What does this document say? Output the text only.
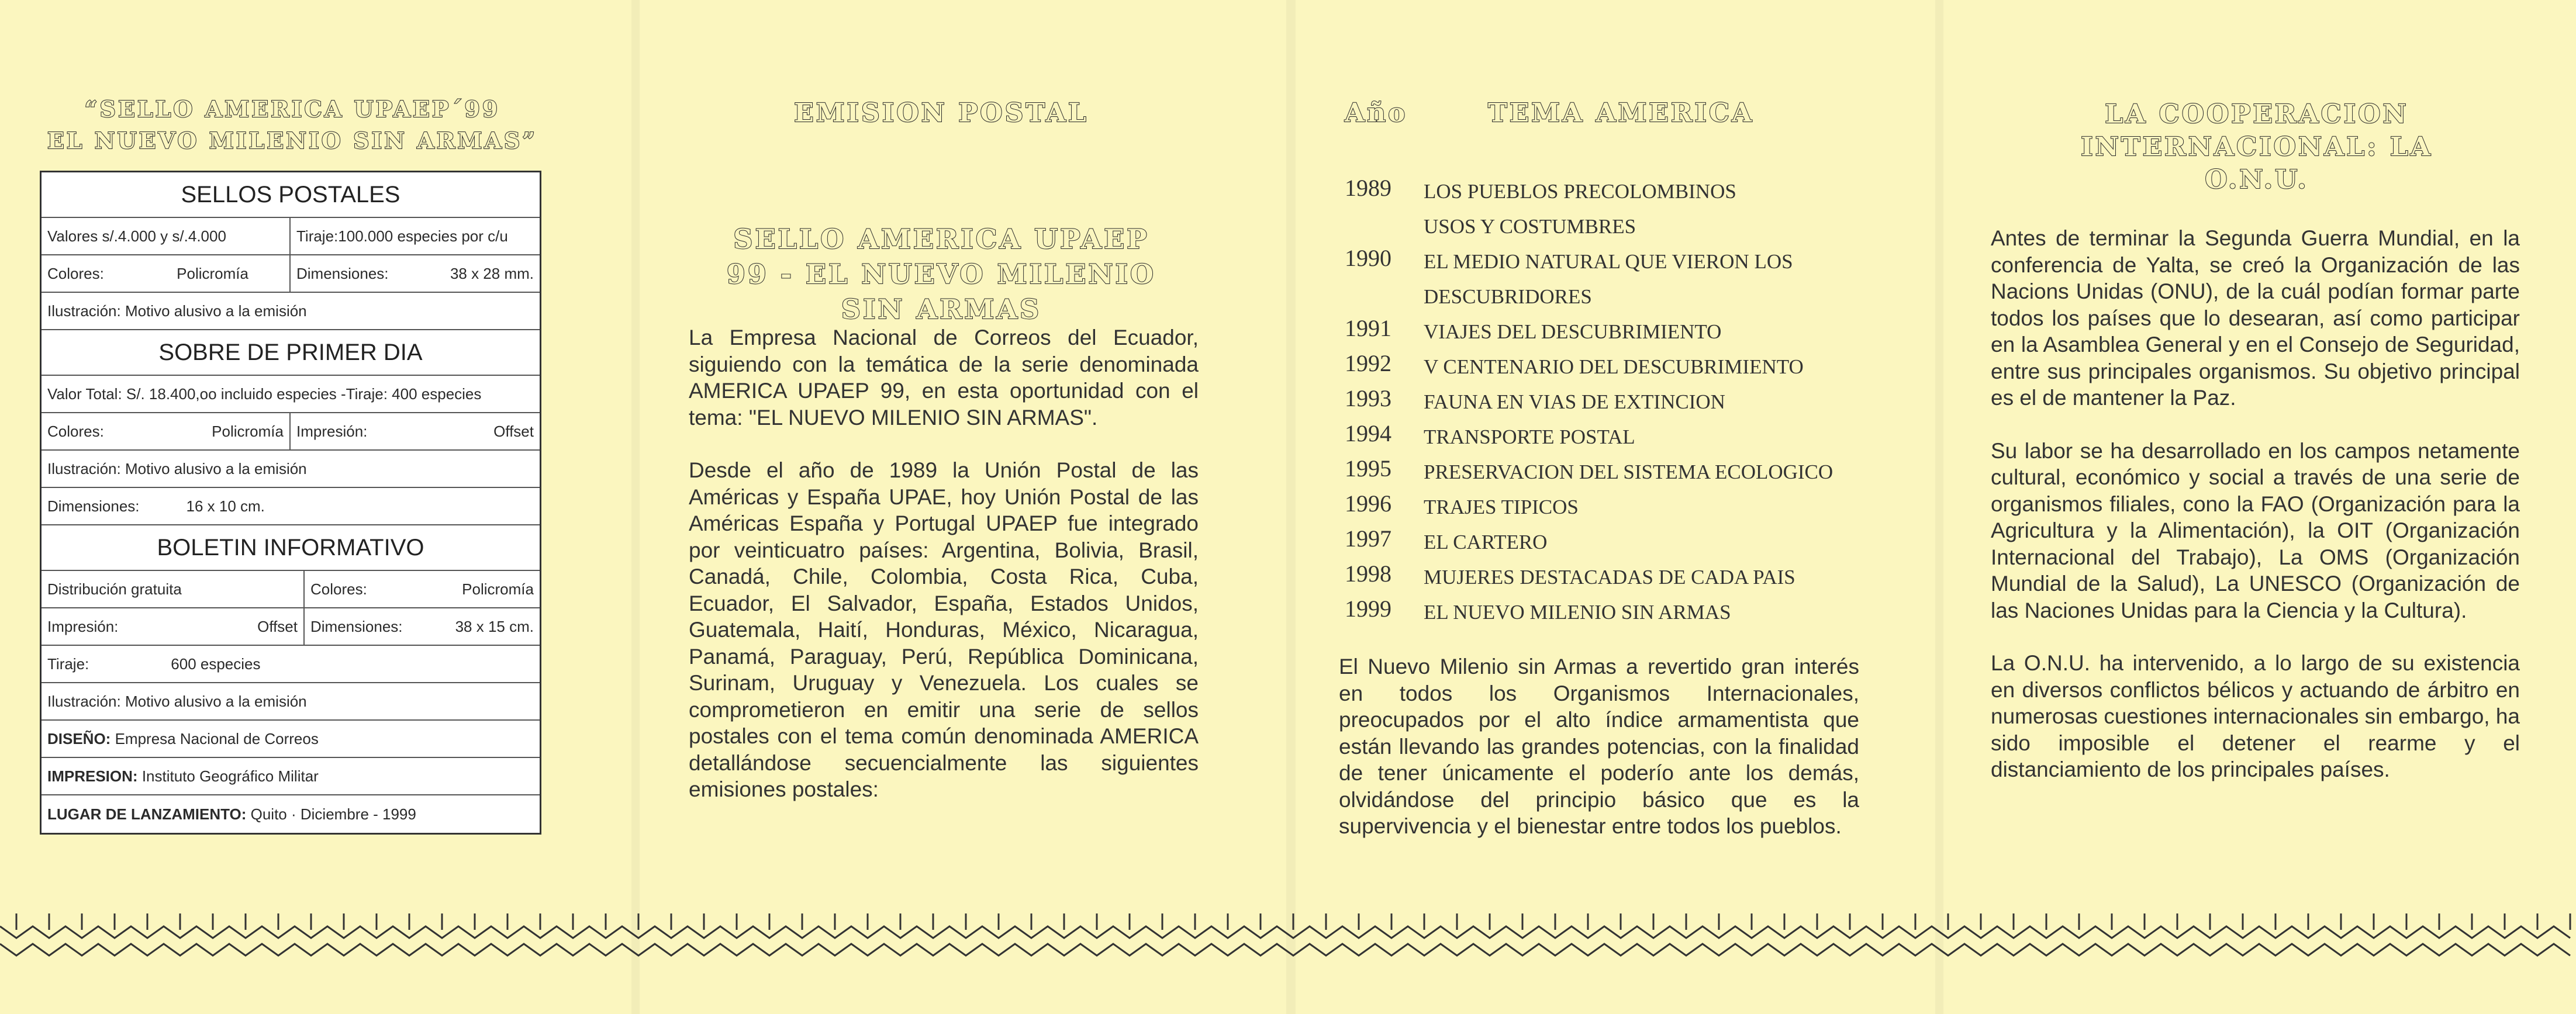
“SELLO AMERICA UPAEP´99
EL NUEVO MILENIO SIN ARMAS”

SELLOS POSTALES
Valores s/.4.000 y s/.4.000	Tiraje:100.000 especies por c/u
Colores:	Policromía	Dimensiones:	38 x 28 mm.
Ilustración: Motivo alusivo a la emisión
SOBRE DE PRIMER DIA
Valor Total: S/. 18.400,oo incluido especies -Tiraje: 400 especies
Colores:	Policromía Impresión:	Offset
Ilustración: Motivo alusivo a la emisión
Dimensiones:	16 x 10 cm.
BOLETIN INFORMATIVO
Distribución gratuita	Colores:	Policromía
Impresión:	Offset Dimensiones:	38 x 15 cm.
Tiraje:	600 especies
Ilustración: Motivo alusivo a la emisión
DISEÑO:
Empresa Nacional de Correos
IMPRESION:
Instituto Geográfico Militar
LUGAR DE LANZAMIENTO:
Quito · Diciembre - 1999

EMISION POSTAL

SELLO AMERICA UPAEP
99 - EL NUEVO MILENIO
SIN ARMAS

La Empresa Nacional de Correos del Ecuador, siguiendo con la temática de la serie denominada AMERICA UPAEP 99, en esta oportunidad con el tema: "EL NUEVO MILENIO SIN ARMAS".

Desde el año de 1989 la Unión Postal de las Américas y España UPAE, hoy Unión Postal de las Américas España y Portugal UPAEP fue integrado por veinticuatro países: Argentina, Bolivia, Brasil, Canadá, Chile, Colombia, Costa Rica, Cuba, Ecuador, El Salvador, España, Estados Unidos, Guatemala, Haití, Honduras, México, Nicaragua, Panamá, Paraguay, Perú, República Dominicana, Surinam, Uruguay y Venezuela. Los cuales se comprometieron en emitir una serie de sellos postales con el tema común denominada AMERICA detallándose secuencialmente las siguientes emisiones postales:

Año	TEMA AMERICA

1989	LOS PUEBLOS PRECOLOMBINOS
USOS Y COSTUMBRES
1990	EL MEDIO NATURAL QUE VIERON LOS
DESCUBRIDORES
1991	VIAJES DEL DESCUBRIMIENTO
1992	V CENTENARIO DEL DESCUBRIMIENTO
1993	FAUNA EN VIAS DE EXTINCION
1994	TRANSPORTE POSTAL
1995	PRESERVACION DEL SISTEMA ECOLOGICO
1996	TRAJES TIPICOS
1997	EL CARTERO
1998	MUJERES DESTACADAS DE CADA PAIS
1999	EL NUEVO MILENIO SIN ARMAS

El Nuevo Milenio sin Armas a revertido gran interés en todos los Organismos Internacionales, preocupados por el alto índice armamentista que están llevando las grandes potencias, con la finalidad de tener únicamente el poderío ante los demás, olvidándose del principio básico que es la supervivencia y el bienestar entre todos los pueblos.

LA COOPERACION
INTERNACIONAL: LA
O.N.U.

Antes de terminar la Segunda Guerra Mundial, en la conferencia de Yalta, se creó la Organización de las Nacions Unidas (ONU), de la cuál podían formar parte todos los países que lo desearan, así como participar en la Asamblea General y en el Consejo de Seguridad, entre sus principales organismos. Su objetivo principal es el de mantener la Paz.

Su labor se ha desarrollado en los campos netamente cultural, económico y social a través de una serie de organismos filiales, cono la FAO (Organización para la Agricultura y la Alimentación), la OIT (Organización Internacional del Trabajo), La OMS (Organización Mundial de la Salud), La UNESCO (Organización de las Naciones Unidas para la Ciencia y la Cultura).

La O.N.U. ha intervenido, a lo largo de su existencia en diversos conflictos bélicos y actuando de árbitro en numerosas cuestiones internacionales sin embargo, ha sido imposible el detener el rearme y el distanciamiento de los principales países.
